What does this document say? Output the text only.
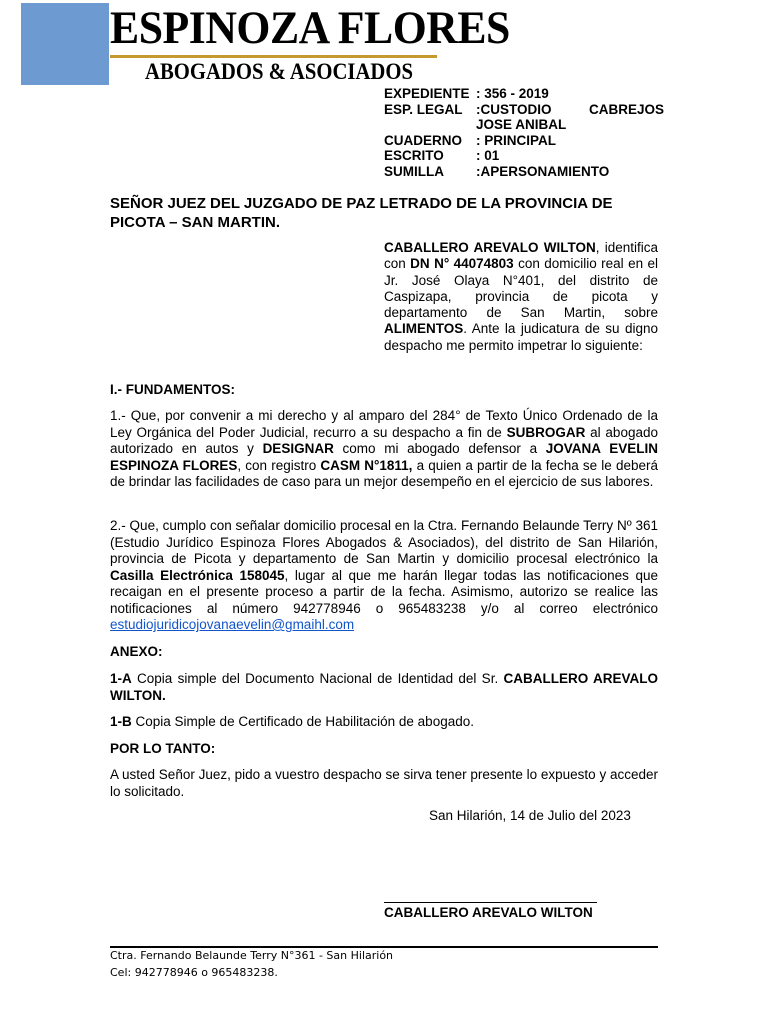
ESPINOZA FLORES
ABOGADOS & ASOCIADOS
EXPEDIENTE : 356 - 2019
ESP. LEGAL :CUSTODIO CABREJOS
JOSE ANIBAL
CUADERNO	: PRINCIPAL
ESCRITO	: 01
SUMILLA	:APERSONAMIENTO
SEÑOR JUEZ DEL JUZGADO DE PAZ LETRADO DE LA PROVINCIA DE PICOTA – SAN MARTIN.
CABALLERO AREVALO WILTON, identifica con DN N° 44074803 con domicilio real en el Jr. José Olaya N°401, del distrito de Caspizapa, provincia de picota y departamento de San Martin, sobre ALIMENTOS. Ante la judicatura de su digno despacho me permito impetrar lo siguiente:
I.- FUNDAMENTOS:
1.- Que, por convenir a mi derecho y al amparo del 284° de Texto Único Ordenado de la Ley Orgánica del Poder Judicial, recurro a su despacho a fin de SUBROGAR al abogado autorizado en autos y DESIGNAR como mi abogado defensor a JOVANA EVELIN ESPINOZA FLORES, con registro CASM N°1811, a quien a partir de la fecha se le deberá de brindar las facilidades de caso para un mejor desempeño en el ejercicio de sus labores.
2.- Que, cumplo con señalar domicilio procesal en la Ctra. Fernando Belaunde Terry Nº 361 (Estudio Jurídico Espinoza Flores Abogados & Asociados), del distrito de San Hilarión, provincia de Picota y departamento de San Martin y domicilio procesal electrónico la Casilla Electrónica 158045, lugar al que me harán llegar todas las notificaciones que recaigan en el presente proceso a partir de la fecha. Asimismo, autorizo se realice las notificaciones al número 942778946 o 965483238 y/o al correo electrónico estudiojuridicojovanaevelin@gmaihl.com
ANEXO:
1-A Copia simple del Documento Nacional de Identidad del Sr. CABALLERO AREVALO WILTON.
1-B Copia Simple de Certificado de Habilitación de abogado.
POR LO TANTO:
A usted Señor Juez, pido a vuestro despacho se sirva tener presente lo expuesto y acceder lo solicitado.
San Hilarión, 14 de Julio del 2023
CABALLERO AREVALO WILTON
Ctra. Fernando Belaunde Terry N°361 - San Hilarión
Cel: 942778946 o 965483238.
